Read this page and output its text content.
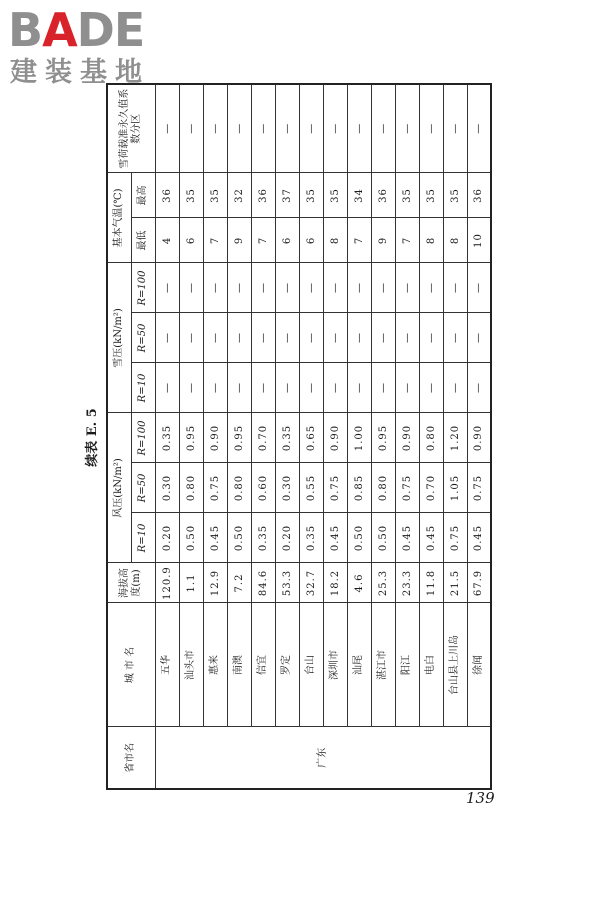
BADE
建装基地
续表 E. 5
省市名	城 市 名	海拔高度(m)	风压(kN/m²)			雪压(kN/m²)			基本气温(℃)		雪荷载准永久值系数分区
			R=10	R=50	R=100	R=10	R=50	R=100	最低	最高	
广东	五华	120.9	0.20	0.30	0.35	—	—	—	4	36	—
	汕头市	1.1	0.50	0.80	0.95	—	—	—	6	35	—
	惠来	12.9	0.45	0.75	0.90	—	—	—	7	35	—
	南澳	7.2	0.50	0.80	0.95	—	—	—	9	32	—
	信宜	84.6	0.35	0.60	0.70	—	—	—	7	36	—
	罗定	53.3	0.20	0.30	0.35	—	—	—	6	37	—
	台山	32.7	0.35	0.55	0.65	—	—	—	6	35	—
	深圳市	18.2	0.45	0.75	0.90	—	—	—	8	35	—
	汕尾	4.6	0.50	0.85	1.00	—	—	—	7	34	—
	湛江市	25.3	0.50	0.80	0.95	—	—	—	9	36	—
	阳江	23.3	0.45	0.75	0.90	—	—	—	7	35	—
	电白	11.8	0.45	0.70	0.80	—	—	—	8	35	—
	台山县上川岛	21.5	0.75	1.05	1.20	—	—	—	8	35	—
	徐闻	67.9	0.45	0.75	0.90	—	—	—	10	36	—
139
